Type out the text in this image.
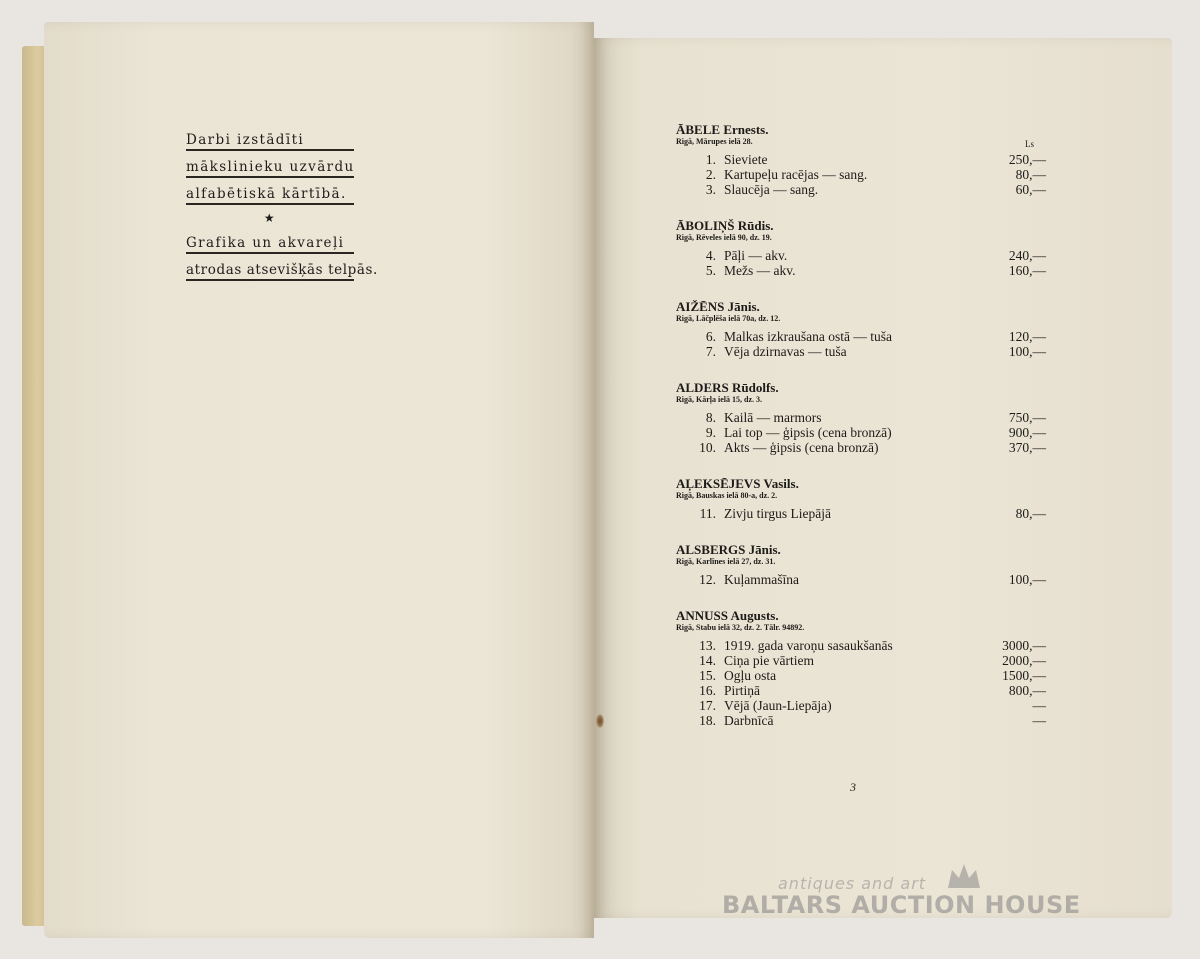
Darbi izstādīti
mākslinieku uzvārdu
alfabētiskā kārtībā.
★
Grafika un akvareļi
atrodas atsevišķās telpās.
ĀBELE Ernests.
Rigā, Mārupes ielā 28.	Ls
1. Sieviete	250,—
2. Kartupeļu racējas — sang.	80,—
3. Slaucēja — sang.	60,—
ĀBOLIŅŠ Rūdis.
Rigā, Rēveles ielā 90, dz. 19.
4. Pāļi — akv.	240,—
5. Mežs — akv.	160,—
AIŽĒNS Jānis.
Rigā, Lāčplēša ielā 70a, dz. 12.
6. Malkas izkraušana ostā — tuša	120,—
7. Vēja dzirnavas — tuša	100,—
ALDERS Rūdolfs.
Rigā, Kārļa ielā 15, dz. 3.
8. Kailā — marmors	750,—
9. Lai top — ģipsis (cena bronzā)	900,—
10. Akts — ģipsis (cena bronzā)	370,—
AĻEKSĒJEVS Vasils.
Rigā, Bauskas ielā 80-a, dz. 2.
11. Zivju tirgus Liepājā	80,—
ALSBERGS Jānis.
Rigā, Karlīnes ielā 27, dz. 31.
12. Kuļammašīna	100,—
ANNUSS Augusts.
Rigā, Stabu ielā 32, dz. 2. Tālr. 94892.
13. 1919. gada varoņu sasaukšanās	3000,—
14. Ciņa pie vārtiem	2000,—
15. Ogļu osta	1500,—
16. Pirtiņā	800,—
17. Vējā (Jaun-Liepāja)	—
18. Darbnīcā	—
3
antiques and art
BALTARS AUCTION HOUSE
